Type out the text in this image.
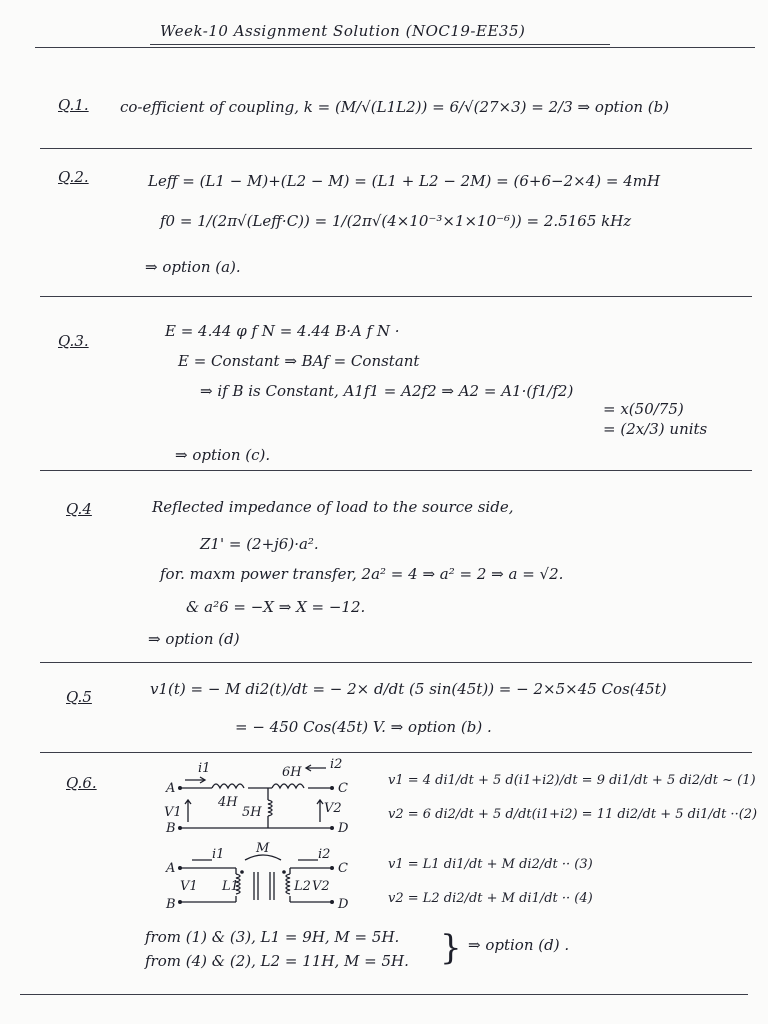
Week-10 Assignment Solution (NOC19-EE35)
Q.1. co-efficient of coupling, k = (M/√(L1L2)) = 6/√(27×3) = 2/3 ⇒ option (b)
Q.2.	Leff = (L1 − M)+(L2 − M) = (L1 + L2 − 2M) = (6+6−2×4) = 4mH
f0 = 1/(2π√(Leff·C)) = 1/(2π√(4×10⁻³×1×10⁻⁶)) = 2.5165 kHz
⇒ option (a).
Q.3.
E = 4.44 φ f N = 4.44 B·A f N ·
E = Constant ⇒ BAf = Constant
⇒ if B is Constant, A1f1 = A2f2 ⇒ A2 = A1·(f1/f2)
= x(50/75)
= (2x/3) units
⇒ option (c).
Q.4	Reflected impedance of load to the source side,
Z1' = (2+j6)·a².
for. maxm power transfer, 2a² = 4 ⇒ a² = 2 ⇒ a = √2.
& a²6 = −X ⇒ X = −12.
⇒ option (d)
Q.5	v1(t) = − M di2(t)/dt = − 2× d/dt (5 sin(45t)) = − 2×5×45 Cos(45t)
= − 450 Cos(45t) V. ⇒ option (b) .
Q.6.
i1	i2
A
B
C
D
V1	V2
4H
5H
6H
i1	i2
M
A
B
C
D
V1	V2
L1	L2
v1 = 4 di1/dt + 5 d(i1+i2)/dt = 9 di1/dt + 5 di2/dt ~ (1)
v2 = 6 di2/dt + 5 d/dt(i1+i2) = 11 di2/dt + 5 di1/dt ··(2)
v1 = L1 di1/dt + M di2/dt ·· (3)
v2 = L2 di2/dt + M di1/dt ·· (4)
from (1) & (3), L1 = 9H, M = 5H.
from (4) & (2), L2 = 11H, M = 5H. } ⇒ option (d) .
